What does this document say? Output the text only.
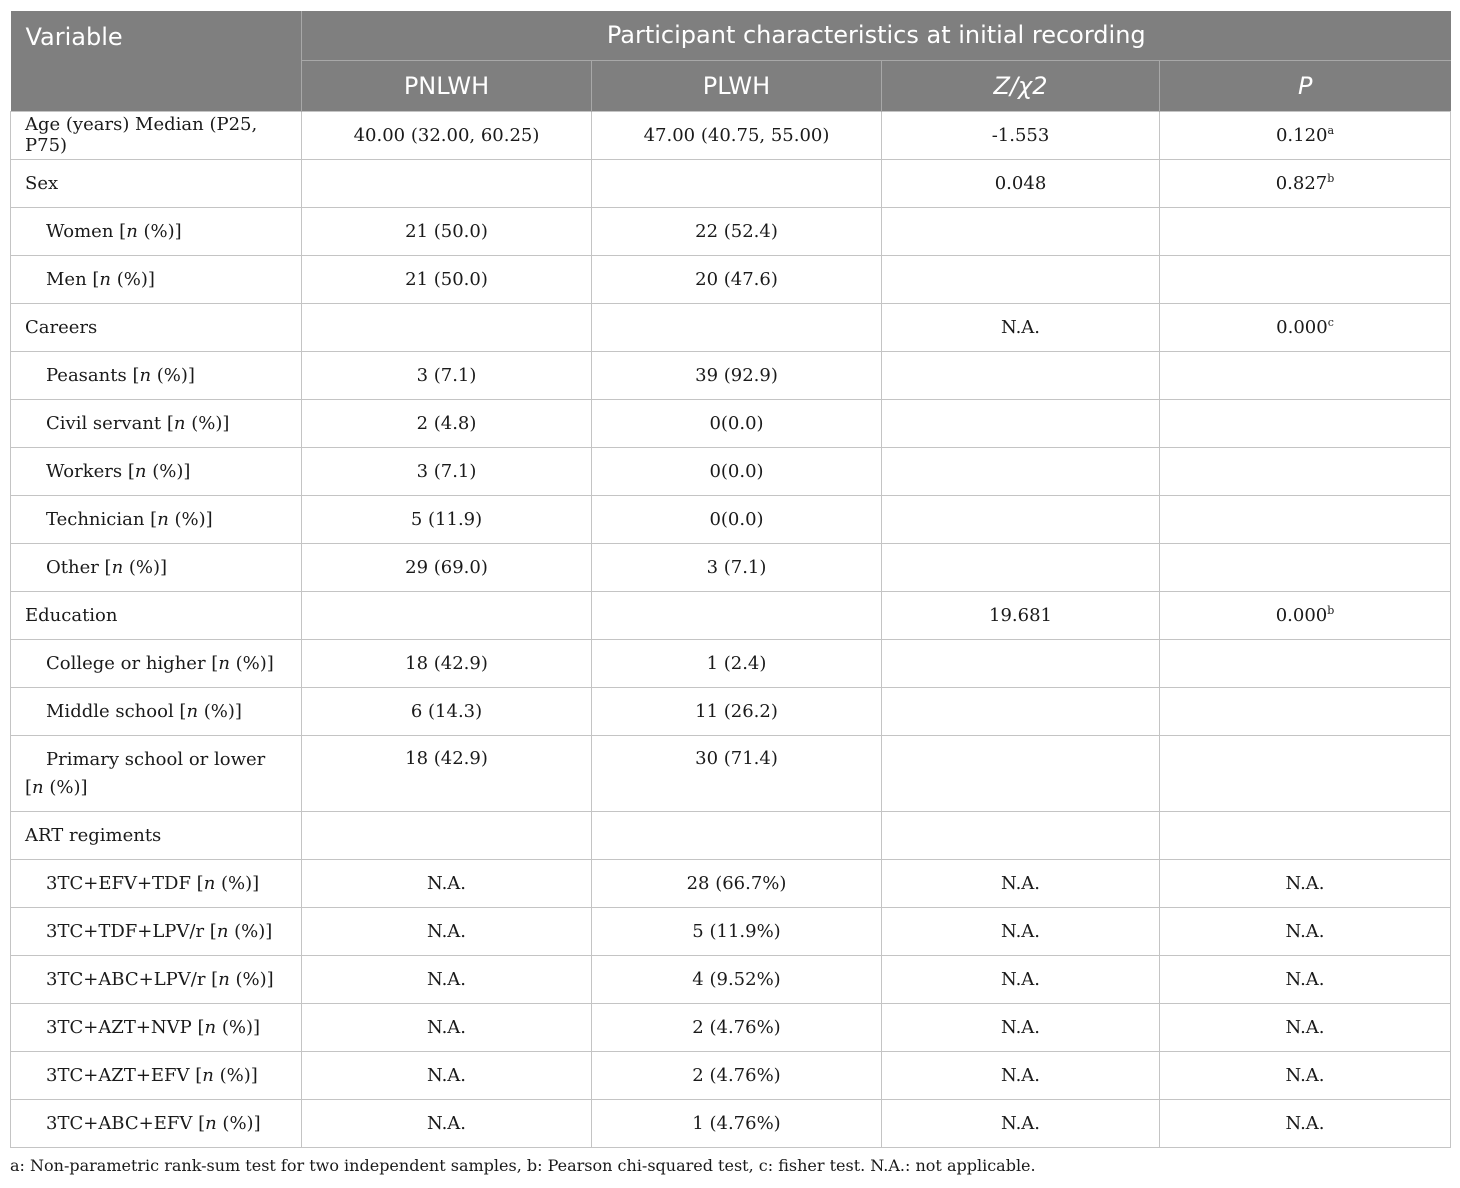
Variable	Participant characteristics at initial recording			
	PNLWH	PLWH	Z/χ2	P
Age (years) Median (P25, P75)	40.00 (32.00, 60.25)	47.00 (40.75, 55.00)	-1.553	0.120$^a$
Sex			0.048	0.827$^b$
Women [n (%)]	21 (50.0)	22 (52.4)		
Men [n (%)]	21 (50.0)	20 (47.6)		
Careers			N.A.	0.000$^c$
Peasants [n (%)]	3 (7.1)	39 (92.9)		
Civil servant [n (%)]	2 (4.8)	0(0.0)		
Workers [n (%)]	3 (7.1)	0(0.0)		
Technician [n (%)]	5 (11.9)	0(0.0)		
Other [n (%)]	29 (69.0)	3 (7.1)		
Education			19.681	0.000$^b$
College or higher [n (%)]	18 (42.9)	1 (2.4)		
Middle school [n (%)]	6 (14.3)	11 (26.2)		

Primary school or lower
[n (%)]	18 (42.9)	30 (71.4)		
ART regiments				
3TC+EFV+TDF [n (%)]	N.A.	28 (66.7%)	N.A.	N.A.
3TC+TDF+LPV/r [n (%)]	N.A.	5 (11.9%)	N.A.	N.A.
3TC+ABC+LPV/r [n (%)]	N.A.	4 (9.52%)	N.A.	N.A.
3TC+AZT+NVP [n (%)]	N.A.	2 (4.76%)	N.A.	N.A.
3TC+AZT+EFV [n (%)]	N.A.	2 (4.76%)	N.A.	N.A.
3TC+ABC+EFV [n (%)]	N.A.	1 (4.76%)	N.A.	N.A.
a: Non-parametric rank-sum test for two independent samples, b: Pearson chi-squared test, c: fisher test. N.A.: not applicable.
